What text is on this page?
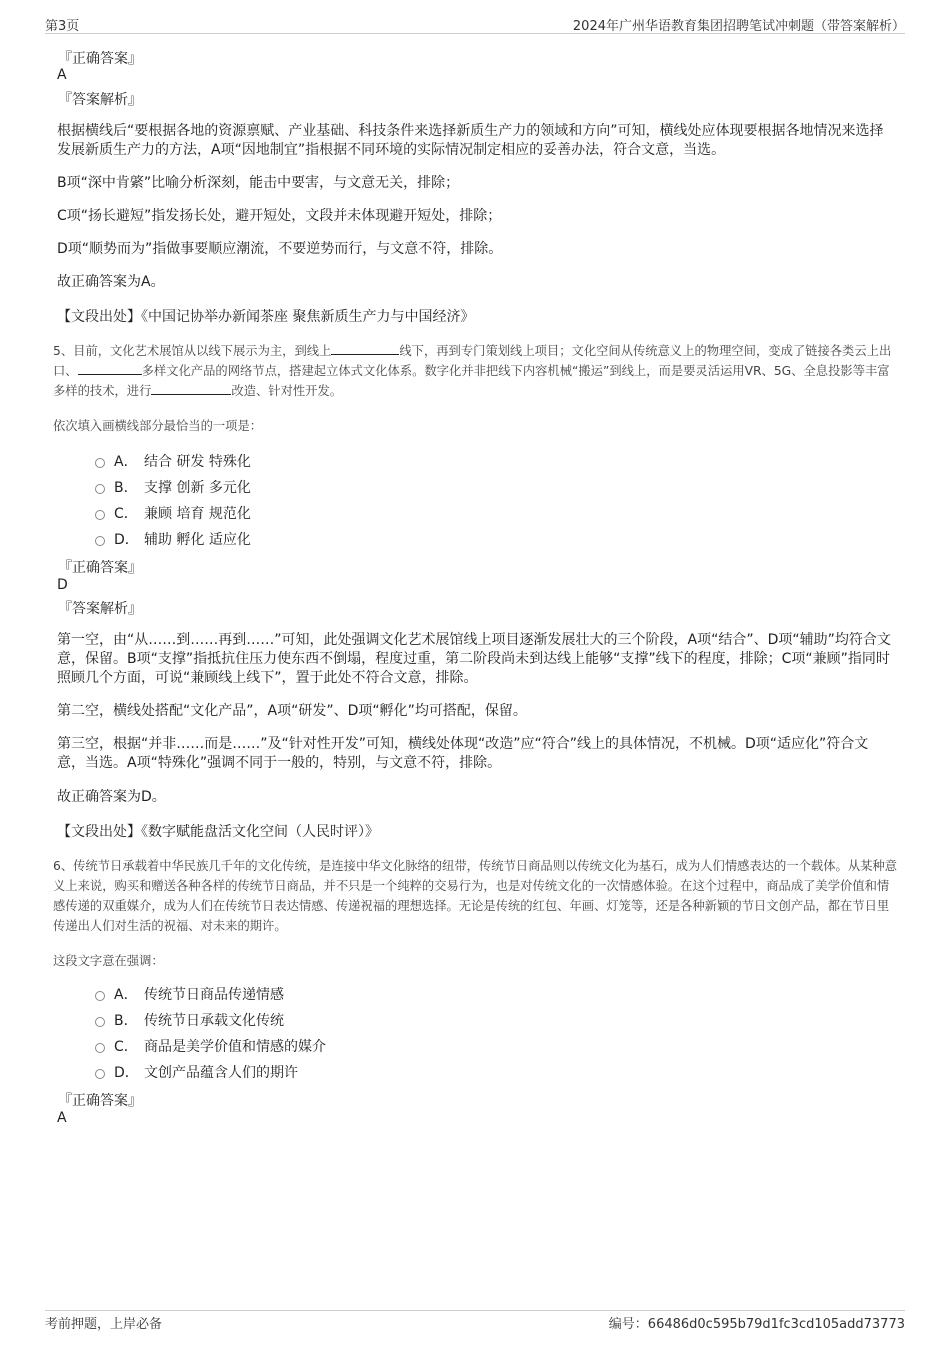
第3页	2024年广州华语教育集团招聘笔试冲刺题（带答案解析）
『正确答案』
A
『答案解析』

根据横线后“要根据各地的资源禀赋、产业基础、科技条件来选择新质生产力的领域和方向”可知，横线处应体现要根据各地情况来选择发展新质生产力的方法，A项“因地制宜”指根据不同环境的实际情况制定相应的妥善办法，符合文意，当选。

B项“深中肯綮”比喻分析深刻，能击中要害，与文意无关，排除；

C项“扬长避短”指发扬长处，避开短处，文段并未体现避开短处，排除；

D项“顺势而为”指做事要顺应潮流，不要逆势而行，与文意不符，排除。

故正确答案为A。

【文段出处】《中国记协举办新闻茶座 聚焦新质生产力与中国经济》

5、目前，文化艺术展馆从以线下展示为主，到线上	线下，再到专门策划线上项目；文化空间从传统意义上的物理空间，变成了链接各类云上出口、	多样文化产品的网络节点，搭建起立体式文化体系。数字化并非把线下内容机械“搬运”到线上，而是要灵活运用VR、5G、全息投影等丰富多样的技术，进行	改造、针对性开发。

依次填入画横线部分最恰当的一项是：
A． 结合 研发 特殊化
B． 支撑 创新 多元化
C． 兼顾 培育 规范化
D． 辅助 孵化 适应化
『正确答案』
D
『答案解析』

第一空，由“从……到……再到……”可知，此处强调文化艺术展馆线上项目逐渐发展壮大的三个阶段，A项“结合”、D项“辅助”均符合文意，保留。B项“支撑”指抵抗住压力使东西不倒塌，程度过重，第二阶段尚未到达线上能够“支撑”线下的程度，排除；C项“兼顾”指同时照顾几个方面，可说“兼顾线上线下”，置于此处不符合文意，排除。

第二空，横线处搭配“文化产品”，A项“研发”、D项“孵化”均可搭配，保留。

第三空，根据“并非……而是……”及“针对性开发”可知，横线处体现“改造”应“符合”线上的具体情况，不机械。D项“适应化”符合文意，当选。A项“特殊化”强调不同于一般的，特别，与文意不符，排除。

故正确答案为D。

【文段出处】《数字赋能盘活文化空间（人民时评）》

6、传统节日承载着中华民族几千年的文化传统，是连接中华文化脉络的纽带，传统节日商品则以传统文化为基石，成为人们情感表达的一个载体。从某种意义上来说，购买和赠送各种各样的传统节日商品，并不只是一个纯粹的交易行为，也是对传统文化的一次情感体验。在这个过程中，商品成了美学价值和情感传递的双重媒介，成为人们在传统节日表达情感、传递祝福的理想选择。无论是传统的红包、年画、灯笼等，还是各种新颖的节日文创产品，都在节日里传递出人们对生活的祝福、对未来的期许。

这段文字意在强调：
A． 传统节日商品传递情感
B． 传统节日承载文化传统
C． 商品是美学价值和情感的媒介
D． 文创产品蕴含人们的期许
『正确答案』
A
考前押题，上岸必备	编号：66486d0c595b79d1fc3cd105add73773
